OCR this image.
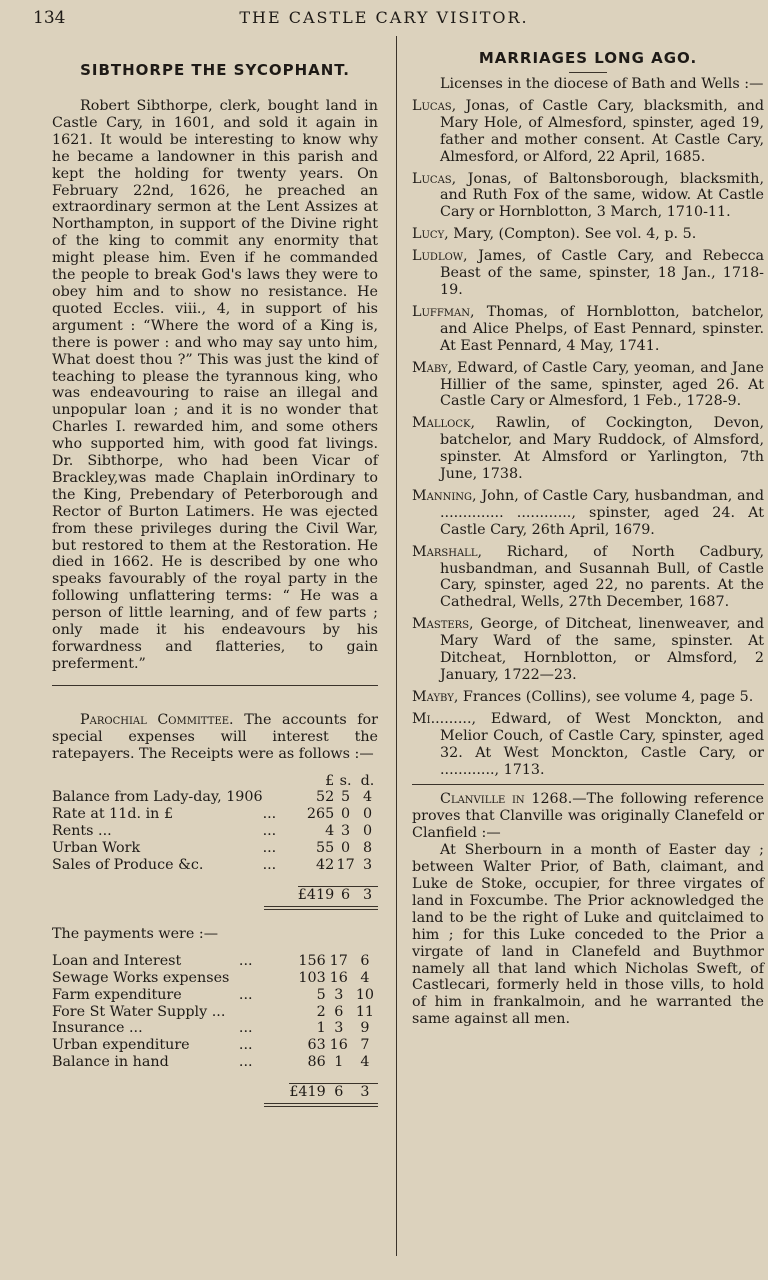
134	THE CASTLE CARY VISITOR.
SIBTHORPE THE SYCOPHANT.

Robert Sibthorpe, clerk, bought land in Castle Cary, in 1601, and sold it again in 1621. It would be interesting to know why he became a landowner in this parish and kept the holding for twenty years. On February 22nd, 1626, he preached an extraordinary sermon at the Lent Assizes at Northampton, in support of the Divine right of the king to commit any enormity that might please him. Even if he commanded the people to break God's laws they were to obey him and to show no resistance. He quoted Eccles. viii., 4, in support of his argument : “Where the word of a King is, there is power : and who may say unto him, What doest thou ?” This was just the kind of teaching to please the tyrannous king, who was endeavouring to raise an illegal and unpopular loan ; and it is no wonder that Charles I. rewarded him, and some others who supported him, with good fat livings. Dr. Sibthorpe, who had been Vicar of Brackley,was made Chaplain inOrdinary to the King, Prebendary of Peterborough and Rector of Burton Latimers. He was ejected from these privileges during the Civil War, but restored to them at the Restoration. He died in 1662. He is described by one who speaks favourably of the royal party in the following unflattering terms: “ He was a person of little learning, and of few parts ; only made it his endeavours by his forwardness and flatteries, to gain preferment.”

Parochial Committee. The accounts for special expenses will interest the ratepayers. The Receipts were as follows :—

		£	s.	d.
Balance from Lady-day, 1906		52	5	4
Rate at 11d. in £	...	265	0	0
Rents ...	...	4	3	0
Urban Work	...	55	0	8
Sales of Produce &c.	...	42	17	3

		£419	6	3

The payments were :—

Loan and Interest	...	156	17	6
Sewage Works expenses		103	16	4
Farm expenditure	...	5	3	10
Fore St Water Supply ...		2	6	11
Insurance ...	...	1	3	9
Urban expenditure	...	63	16	7
Balance in hand	...	86	1	4

		£419	6	3
MARRIAGES LONG AGO.

Licenses in the diocese of Bath and Wells :—

Lucas, Jonas, of Castle Cary, blacksmith, and Mary Hole, of Almesford, spinster, aged 19, father and mother consent. At Castle Cary, Almesford, or Alford, 22 April, 1685.

Lucas, Jonas, of Baltonsborough, blacksmith, and Ruth Fox of the same, widow. At Castle Cary or Hornblotton, 3 March, 1710-11.

Lucy, Mary, (Compton). See vol. 4, p. 5.

Ludlow, James, of Castle Cary, and Rebecca Beast of the same, spinster, 18 Jan., 1718-19.

Luffman, Thomas, of Hornblotton, batchelor, and Alice Phelps, of East Pennard, spinster. At East Pennard, 4 May, 1741.

Maby, Edward, of Castle Cary, yeoman, and Jane Hillier of the same, spinster, aged 26. At Castle Cary or Almesford, 1 Feb., 1728-9.

Mallock, Rawlin, of Cockington, Devon, batchelor, and Mary Ruddock, of Almsford, spinster. At Almsford or Yarlington, 7th June, 1738.

Manning, John, of Castle Cary, husbandman, and .............. ............, spinster, aged 24. At Castle Cary, 26th April, 1679.

Marshall, Richard, of North Cadbury, husbandman, and Susannah Bull, of Castle Cary, spinster, aged 22, no parents. At the Cathedral, Wells, 27th December, 1687.

Masters, George, of Ditcheat, linenweaver, and Mary Ward of the same, spinster. At Ditcheat, Hornblotton, or Almsford, 2 January, 1722—23.

Mayby, Frances (Collins), see volume 4, page 5.

Mi........., Edward, of West Monckton, and Melior Couch, of Castle Cary, spinster, aged 32. At West Monckton, Castle Cary, or ............, 1713.

Clanville in 1268.—The following reference proves that Clanville was originally Clanefeld or Clanfield :—

At Sherbourn in a month of Easter day ; between Walter Prior, of Bath, claimant, and Luke de Stoke, occupier, for three virgates of land in Foxcumbe. The Prior acknowledged the land to be the right of Luke and quitclaimed to him ; for this Luke conceded to the Prior a virgate of land in Clanefeld and Buythmor namely all that land which Nicholas Sweft, of Castlecari, formerly held in those vills, to hold of him in frankalmoin, and he warranted the same against all men.
